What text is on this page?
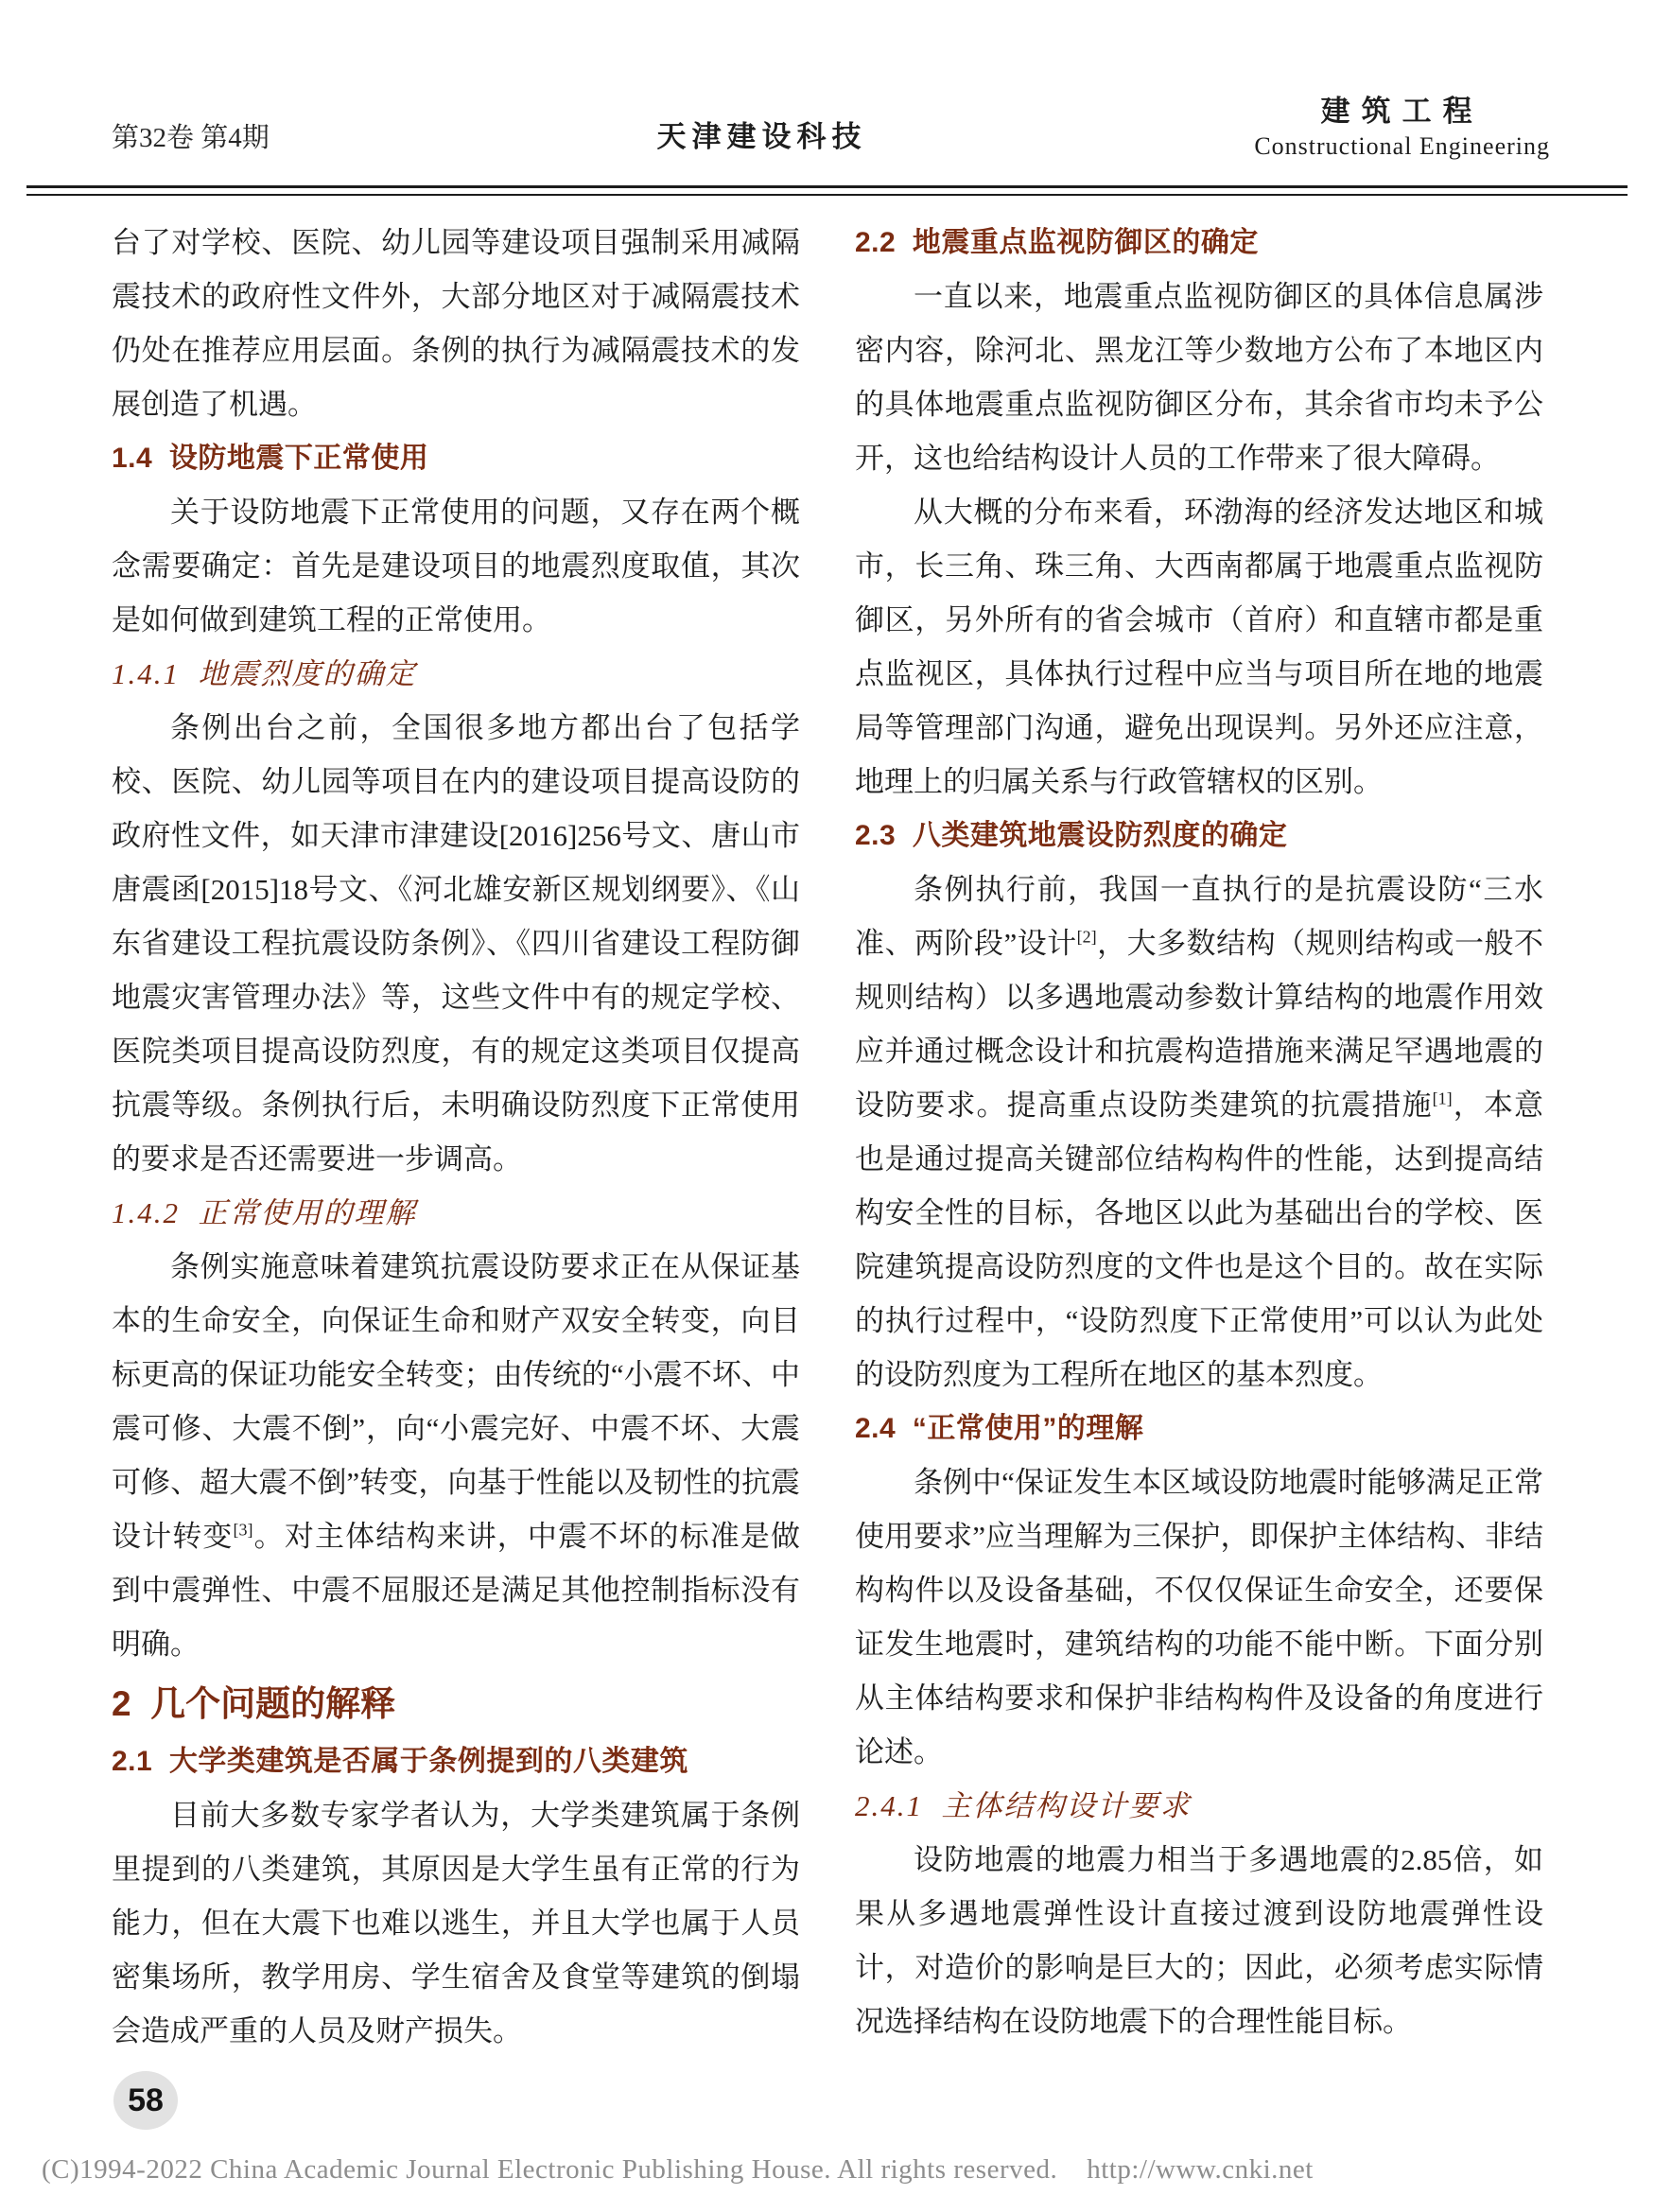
第32卷 第4期	天津建设科技
建筑工程
Constructional Engineering

台了对学校、医院、幼儿园等建设项目强制采用减隔震技术的政府性文件外，大部分地区对于减隔震技术仍处在推荐应用层面。条例的执行为减隔震技术的发展创造了机遇。

1.4  设防地震下正常使用

关于设防地震下正常使用的问题，又存在两个概念需要确定：首先是建设项目的地震烈度取值，其次是如何做到建筑工程的正常使用。

1.4.1  地震烈度的确定

条例出台之前，全国很多地方都出台了包括学校、医院、幼儿园等项目在内的建设项目提高设防的政府性文件，如天津市津建设[2016]256号文、唐山市唐震函[2015]18号文、《河北雄安新区规划纲要》、《山东省建设工程抗震设防条例》、《四川省建设工程防御地震灾害管理办法》等，这些文件中有的规定学校、医院类项目提高设防烈度，有的规定这类项目仅提高抗震等级。条例执行后，未明确设防烈度下正常使用的要求是否还需要进一步调高。

1.4.2  正常使用的理解

条例实施意味着建筑抗震设防要求正在从保证基本的生命安全，向保证生命和财产双安全转变，向目标更高的保证功能安全转变；由传统的“小震不坏、中震可修、大震不倒”，向“小震完好、中震不坏、大震可修、超大震不倒”转变，向基于性能以及韧性的抗震设计转变[3]。对主体结构来讲，中震不坏的标准是做到中震弹性、中震不屈服还是满足其他控制指标没有明确。

2  几个问题的解释
2.1  大学类建筑是否属于条例提到的八类建筑

目前大多数专家学者认为，大学类建筑属于条例里提到的八类建筑，其原因是大学生虽有正常的行为能力，但在大震下也难以逃生，并且大学也属于人员密集场所，教学用房、学生宿舍及食堂等建筑的倒塌会造成严重的人员及财产损失。

58
2.2  地震重点监视防御区的确定

一直以来，地震重点监视防御区的具体信息属涉密内容，除河北、黑龙江等少数地方公布了本地区内的具体地震重点监视防御区分布，其余省市均未予公开，这也给结构设计人员的工作带来了很大障碍。

从大概的分布来看，环渤海的经济发达地区和城市，长三角、珠三角、大西南都属于地震重点监视防御区，另外所有的省会城市（首府）和直辖市都是重点监视区，具体执行过程中应当与项目所在地的地震局等管理部门沟通，避免出现误判。另外还应注意，地理上的归属关系与行政管辖权的区别。

2.3  八类建筑地震设防烈度的确定

条例执行前，我国一直执行的是抗震设防“三水准、两阶段”设计[2]，大多数结构（规则结构或一般不规则结构）以多遇地震动参数计算结构的地震作用效应并通过概念设计和抗震构造措施来满足罕遇地震的设防要求。提高重点设防类建筑的抗震措施[1]，本意也是通过提高关键部位结构构件的性能，达到提高结构安全性的目标，各地区以此为基础出台的学校、医院建筑提高设防烈度的文件也是这个目的。故在实际的执行过程中，“设防烈度下正常使用”可以认为此处的设防烈度为工程所在地区的基本烈度。

2.4  “正常使用”的理解

条例中“保证发生本区域设防地震时能够满足正常使用要求”应当理解为三保护，即保护主体结构、非结构构件以及设备基础，不仅仅保证生命安全，还要保证发生地震时，建筑结构的功能不能中断。下面分别从主体结构要求和保护非结构构件及设备的角度进行论述。

2.4.1  主体结构设计要求

设防地震的地震力相当于多遇地震的2.85倍，如果从多遇地震弹性设计直接过渡到设防地震弹性设计，对造价的影响是巨大的；因此，必须考虑实际情况选择结构在设防地震下的合理性能目标。

(C)1994-2022 China Academic Journal Electronic Publishing House. All rights reserved.    http://www.cnki.net
